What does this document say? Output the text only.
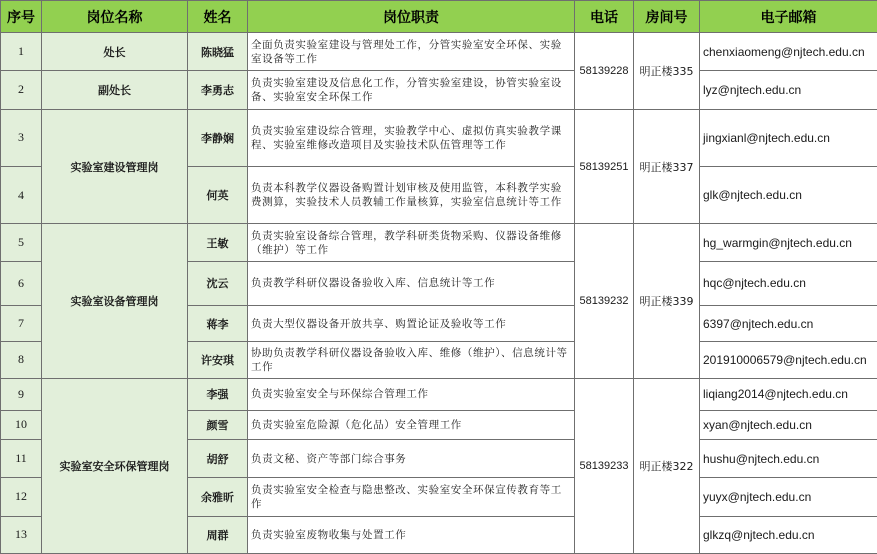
序号	岗位名称	姓名	岗位职责	电话	房间号	电子邮箱
1	处长	陈晓猛	全面负责实验室建设与管理处工作，分管实验室安全环保、实验室设备等工作	58139228	明正楼335	chenxiaomeng@njtech.edu.cn
2	副处长	李勇志	负责实验室建设及信息化工作，分管实验室建设，协管实验室设备、实验室安全环保工作			lyz@njtech.edu.cn
3	实验室建设管理岗	李静娴	负责实验室建设综合管理，实验教学中心、虚拟仿真实验教学课程、实验室维修改造项目及实验技术队伍管理等工作	58139251	明正楼337	jingxianl@njtech.edu.cn
4		何英	负责本科教学仪器设备购置计划审核及使用监管，本科教学实验费测算，实验技术人员教辅工作量核算，实验室信息统计等工作			glk@njtech.edu.cn
5	实验室设备管理岗	王敏	负责实验室设备综合管理，教学科研类货物采购、仪器设备维修（维护）等工作	58139232	明正楼339	hg_warmgin@njtech.edu.cn
6		沈云	负责教学科研仪器设备验收入库、信息统计等工作			hqc@njtech.edu.cn
7		蒋李	负责大型仪器设备开放共享、购置论证及验收等工作			6397@njtech.edu.cn
8		许安琪	协助负责教学科研仪器设备验收入库、维修（维护）、信息统计等工作			201910006579@njtech.edu.cn
9	实验室安全环保管理岗	李强	负责实验室安全与环保综合管理工作	58139233	明正楼322	liqiang2014@njtech.edu.cn
10		颜雪	负责实验室危险源（危化品）安全管理工作			xyan@njtech.edu.cn
11		胡舒	负责文秘、资产等部门综合事务			hushu@njtech.edu.cn
12		余雅昕	负责实验室安全检查与隐患整改、实验室安全环保宣传教育等工作			yuyx@njtech.edu.cn
13		周群	负责实验室废物收集与处置工作			glkzq@njtech.edu.cn
